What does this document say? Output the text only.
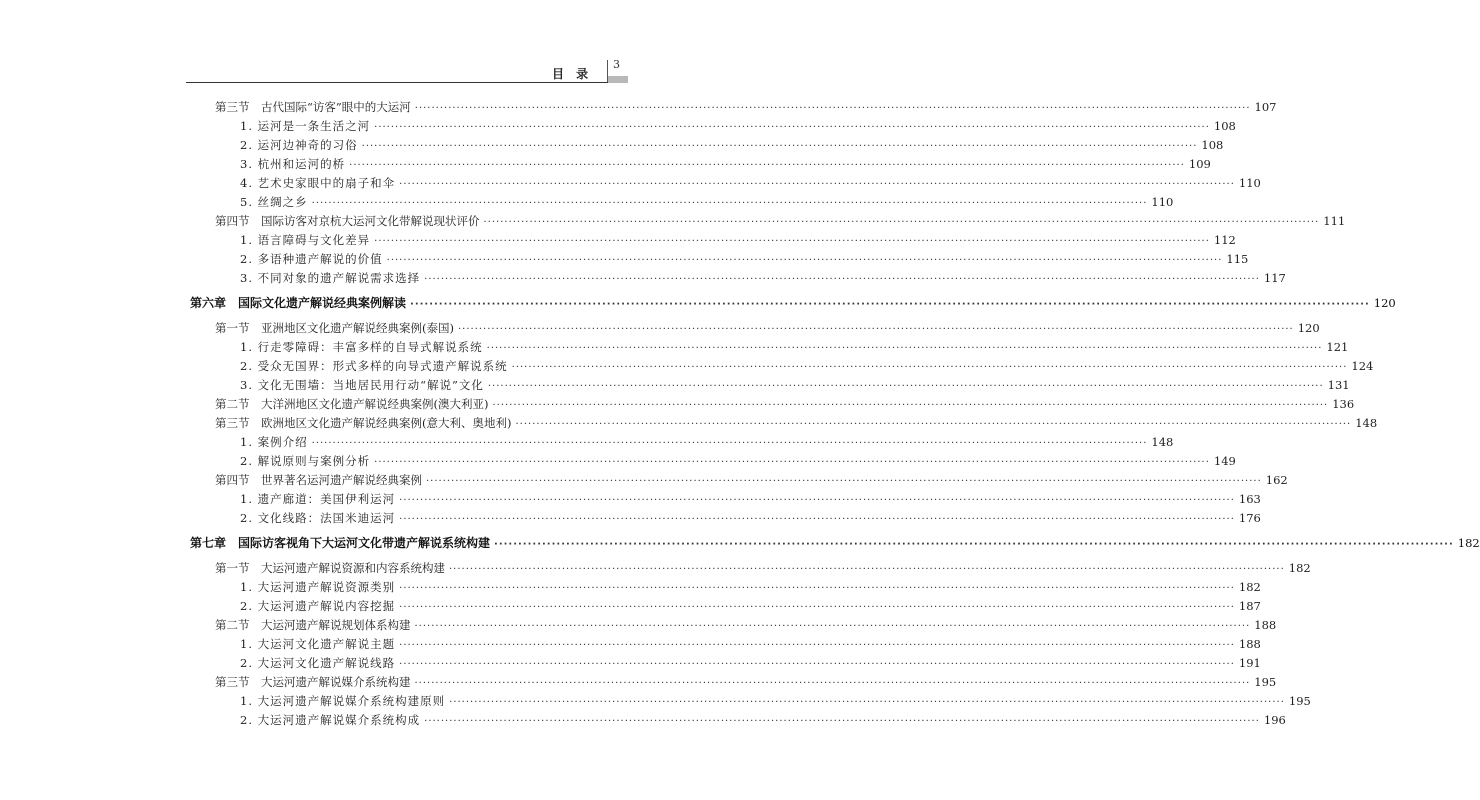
目 录
3
第三节　古代国际“访客”眼中的大运河 ········································································································································································································ 107
1. 运河是一条生活之河 ········································································································································································································ 108
2. 运河边神奇的习俗 ········································································································································································································ 108
3. 杭州和运河的桥 ········································································································································································································ 109
4. 艺术史家眼中的扇子和伞 ········································································································································································································ 110
5. 丝绸之乡 ········································································································································································································ 110
第四节　国际访客对京杭大运河文化带解说现状评价 ········································································································································································································ 111
1. 语言障碍与文化差异 ········································································································································································································ 112
2. 多语种遗产解说的价值 ········································································································································································································ 115
3. 不同对象的遗产解说需求选择 ········································································································································································································ 117
第六章　国际文化遗产解说经典案例解读 ········································································································································································································ 120
第一节　亚洲地区文化遗产解说经典案例(泰国) ········································································································································································································ 120
1. 行走零障碍：丰富多样的自导式解说系统 ········································································································································································································ 121
2. 受众无国界：形式多样的向导式遗产解说系统 ········································································································································································································ 124
3. 文化无围墙：当地居民用行动“解说”文化 ········································································································································································································ 131
第二节　大洋洲地区文化遗产解说经典案例(澳大利亚) ········································································································································································································ 136
第三节　欧洲地区文化遗产解说经典案例(意大利、奥地利) ········································································································································································································ 148
1. 案例介绍 ········································································································································································································ 148
2. 解说原则与案例分析 ········································································································································································································ 149
第四节　世界著名运河遗产解说经典案例 ········································································································································································································ 162
1. 遗产廊道：美国伊利运河 ········································································································································································································ 163
2. 文化线路：法国米迪运河 ········································································································································································································ 176
第七章　国际访客视角下大运河文化带遗产解说系统构建 ········································································································································································································ 182
第一节　大运河遗产解说资源和内容系统构建 ········································································································································································································ 182
1. 大运河遗产解说资源类别 ········································································································································································································ 182
2. 大运河遗产解说内容挖掘 ········································································································································································································ 187
第二节　大运河遗产解说规划体系构建 ········································································································································································································ 188
1. 大运河文化遗产解说主题 ········································································································································································································ 188
2. 大运河文化遗产解说线路 ········································································································································································································ 191
第三节　大运河遗产解说媒介系统构建 ········································································································································································································ 195
1. 大运河遗产解说媒介系统构建原则 ········································································································································································································ 195
2. 大运河遗产解说媒介系统构成 ········································································································································································································ 196
